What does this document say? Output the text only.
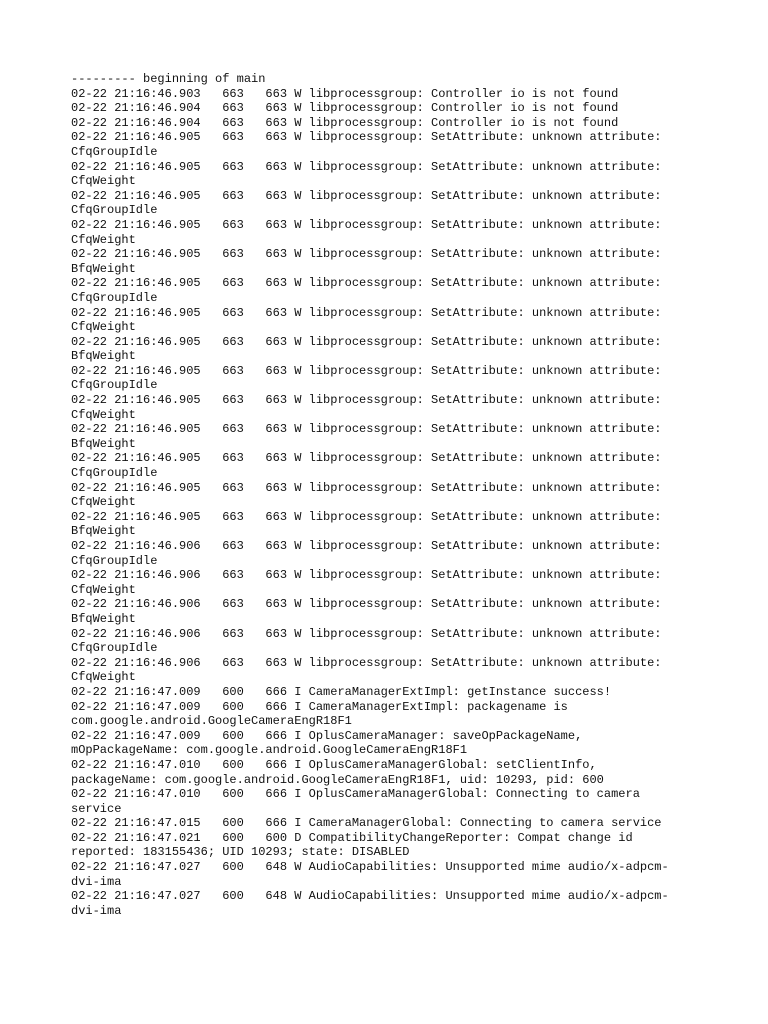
--------- beginning of main
02-22 21:16:46.903   663   663 W libprocessgroup: Controller io is not found
02-22 21:16:46.904   663   663 W libprocessgroup: Controller io is not found
02-22 21:16:46.904   663   663 W libprocessgroup: Controller io is not found
02-22 21:16:46.905   663   663 W libprocessgroup: SetAttribute: unknown attribute:
CfqGroupIdle
02-22 21:16:46.905   663   663 W libprocessgroup: SetAttribute: unknown attribute:
CfqWeight
02-22 21:16:46.905   663   663 W libprocessgroup: SetAttribute: unknown attribute:
CfqGroupIdle
02-22 21:16:46.905   663   663 W libprocessgroup: SetAttribute: unknown attribute:
CfqWeight
02-22 21:16:46.905   663   663 W libprocessgroup: SetAttribute: unknown attribute:
BfqWeight
02-22 21:16:46.905   663   663 W libprocessgroup: SetAttribute: unknown attribute:
CfqGroupIdle
02-22 21:16:46.905   663   663 W libprocessgroup: SetAttribute: unknown attribute:
CfqWeight
02-22 21:16:46.905   663   663 W libprocessgroup: SetAttribute: unknown attribute:
BfqWeight
02-22 21:16:46.905   663   663 W libprocessgroup: SetAttribute: unknown attribute:
CfqGroupIdle
02-22 21:16:46.905   663   663 W libprocessgroup: SetAttribute: unknown attribute:
CfqWeight
02-22 21:16:46.905   663   663 W libprocessgroup: SetAttribute: unknown attribute:
BfqWeight
02-22 21:16:46.905   663   663 W libprocessgroup: SetAttribute: unknown attribute:
CfqGroupIdle
02-22 21:16:46.905   663   663 W libprocessgroup: SetAttribute: unknown attribute:
CfqWeight
02-22 21:16:46.905   663   663 W libprocessgroup: SetAttribute: unknown attribute:
BfqWeight
02-22 21:16:46.906   663   663 W libprocessgroup: SetAttribute: unknown attribute:
CfqGroupIdle
02-22 21:16:46.906   663   663 W libprocessgroup: SetAttribute: unknown attribute:
CfqWeight
02-22 21:16:46.906   663   663 W libprocessgroup: SetAttribute: unknown attribute:
BfqWeight
02-22 21:16:46.906   663   663 W libprocessgroup: SetAttribute: unknown attribute:
CfqGroupIdle
02-22 21:16:46.906   663   663 W libprocessgroup: SetAttribute: unknown attribute:
CfqWeight
02-22 21:16:47.009   600   666 I CameraManagerExtImpl: getInstance success!
02-22 21:16:47.009   600   666 I CameraManagerExtImpl: packagename is
com.google.android.GoogleCameraEngR18F1
02-22 21:16:47.009   600   666 I OplusCameraManager: saveOpPackageName,
mOpPackageName: com.google.android.GoogleCameraEngR18F1
02-22 21:16:47.010   600   666 I OplusCameraManagerGlobal: setClientInfo,
packageName: com.google.android.GoogleCameraEngR18F1, uid: 10293, pid: 600
02-22 21:16:47.010   600   666 I OplusCameraManagerGlobal: Connecting to camera
service
02-22 21:16:47.015   600   666 I CameraManagerGlobal: Connecting to camera service
02-22 21:16:47.021   600   600 D CompatibilityChangeReporter: Compat change id
reported: 183155436; UID 10293; state: DISABLED
02-22 21:16:47.027   600   648 W AudioCapabilities: Unsupported mime audio/x-adpcm-
dvi-ima
02-22 21:16:47.027   600   648 W AudioCapabilities: Unsupported mime audio/x-adpcm-
dvi-ima
